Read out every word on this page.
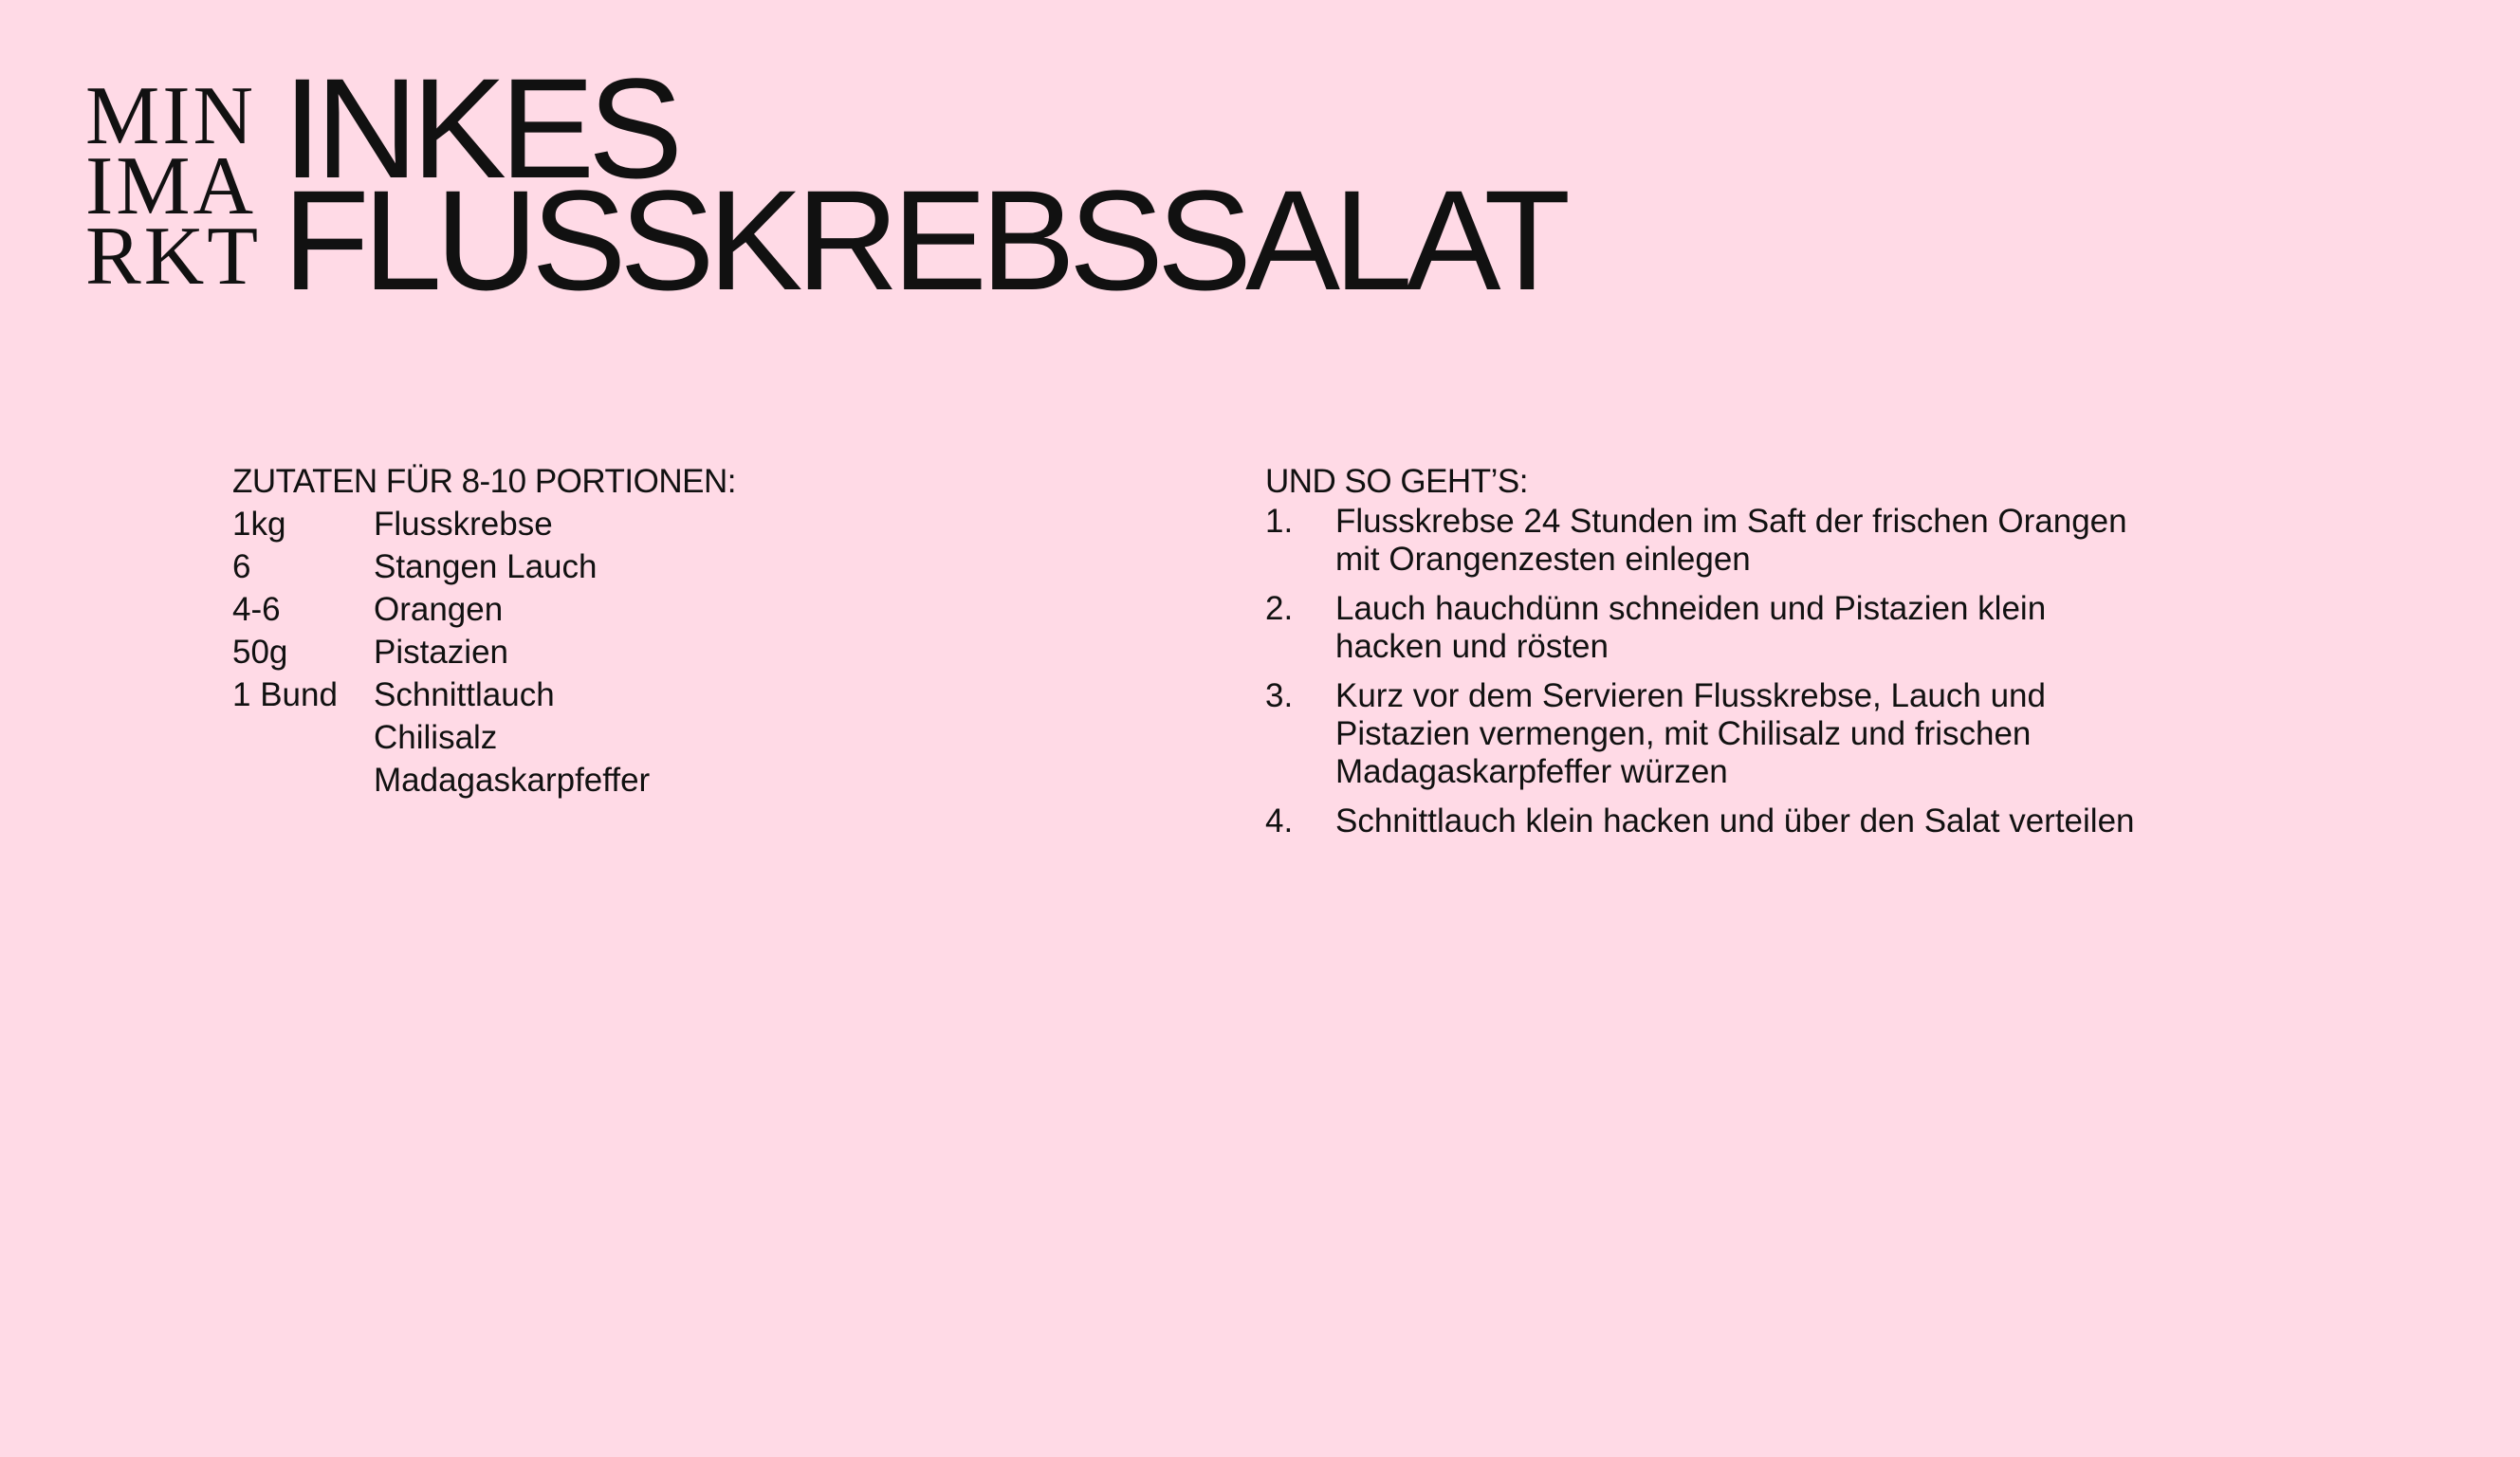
MIN
IMA
RKT
INKES
FLUSSKREBSSALAT
ZUTATEN FÜR 8-10 PORTIONEN:
1kg	Flusskrebse
6	Stangen Lauch
4-6	Orangen
50g	Pistazien
1 Bund	Schnittlauch
Chilisalz
Madagaskarpfeffer
UND SO GEHT’S:
1.	Flusskrebse 24 Stunden im Saft der frischen Orangen mit Orangenzesten einlegen
2.	Lauch hauchdünn schneiden und Pistazien klein hacken und rösten
3.	Kurz vor dem Servieren Flusskrebse, Lauch und Pistazien vermengen, mit Chilisalz und frischen Madagaskarpfeffer würzen
4.	Schnittlauch klein hacken und über den Salat verteilen
